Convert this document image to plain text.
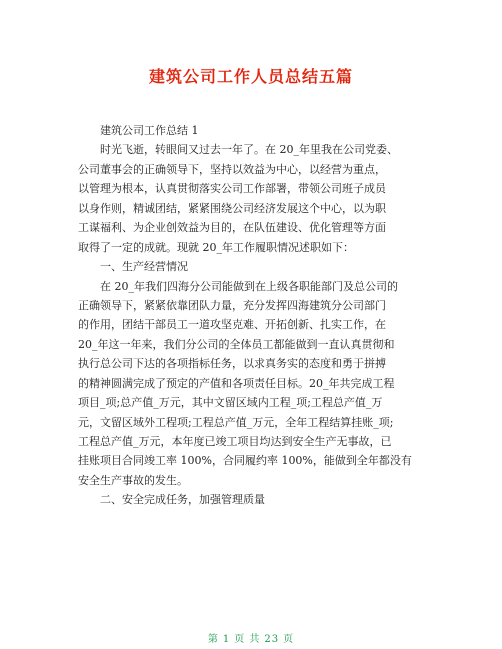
建筑公司工作人员总结五篇
建筑公司工作总结 1
时光飞逝，转眼间又过去一年了。在 20_年里我在公司党委、
公司董事会的正确领导下，坚持以效益为中心，以经营为重点，
以管理为根本，认真贯彻落实公司工作部署，带领公司班子成员
以身作则，精诚团结，紧紧围绕公司经济发展这个中心，以为职
工谋福利、为企业创效益为目的，在队伍建设、优化管理等方面
取得了一定的成就。现就 20_年工作履职情况述职如下：
一、生产经营情况
在 20_年我们四海分公司能做到在上级各职能部门及总公司的
正确领导下，紧紧依靠团队力量，充分发挥四海建筑分公司部门
的作用，团结干部员工一道攻坚克难、开拓创新、扎实工作，在
20_年这一年来，我们分公司的全体员工都能做到一直认真贯彻和
执行总公司下达的各项指标任务，以求真务实的态度和勇于拼搏
的精神圆满完成了预定的产值和各项责任目标。20_年共完成工程
项目_项;总产值_万元，其中文留区域内工程_项;工程总产值_万
元，文留区域外工程项;工程总产值_万元，全年工程结算挂账_项;
工程总产值_万元，本年度已竣工项目均达到安全生产无事故，已
挂账项目合同竣工率 100%，合同履约率 100%，能做到全年都没有
安全生产事故的发生。
二、安全完成任务，加强管理质量
第 1 页 共 23 页
